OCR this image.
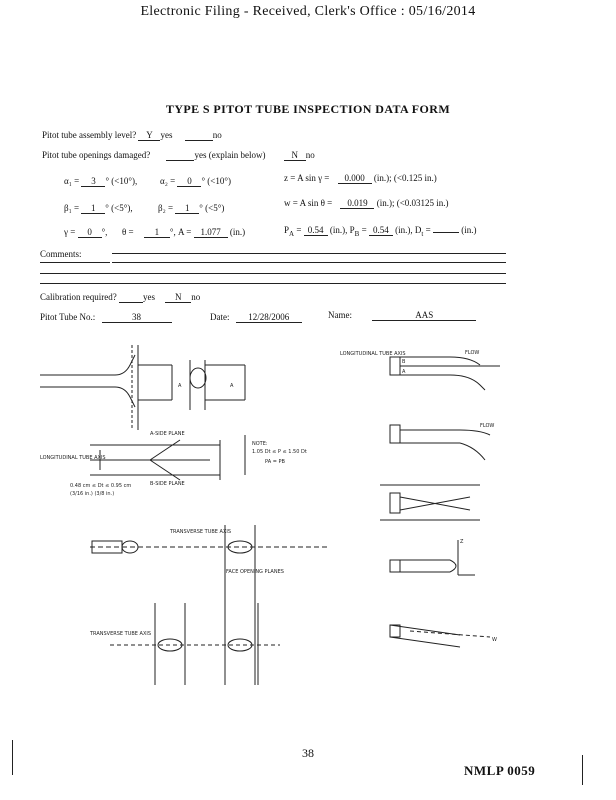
Electronic Filing - Received, Clerk's Office : 05/16/2014
TYPE S PITOT TUBE INSPECTION DATA FORM
Pitot tube assembly level? Y yes	no
Pitot tube openings damaged?	yes (explain below)	N no
α₁ = 3 ° (<10°),	α₂ = 0 ° (<10°)	z = A sin γ = 0.000 (in.); (<0.125 in.)
β₁ = 1 ° (<5°),	β₂ = 1 ° (<5°)	w = A sin θ = 0.019 (in.); (<0.03125 in.)
γ = 0 °, θ = 1 °, A = 1.077 (in.)	$P_A = 0.54$ (in.), $P_B = 0.54$ (in.), $D_t$ =	(in.)
Comments:
Calibration required?	yes N no
Pitot Tube No.:	38	Date: 12/28/2006	Name:	AAS
LONGITUDINAL TUBE AXIS	FLOW
FLOW
A-SIDE PLANE
B-SIDE PLANE
LONGITUDINAL TUBE AXIS
NOTE:
1.05 Dt ≤ P ≤ 1.50 Dt
PA = PB
0.48 cm ≤ Dt ≤ 0.95 cm
(3/16 in.) (3/8 in.)
TRANSVERSE TUBE AXIS
FACE OPENING PLANES
TRANSVERSE TUBE AXIS
A	A
B
A
Z
W
38
NMLP 0059
